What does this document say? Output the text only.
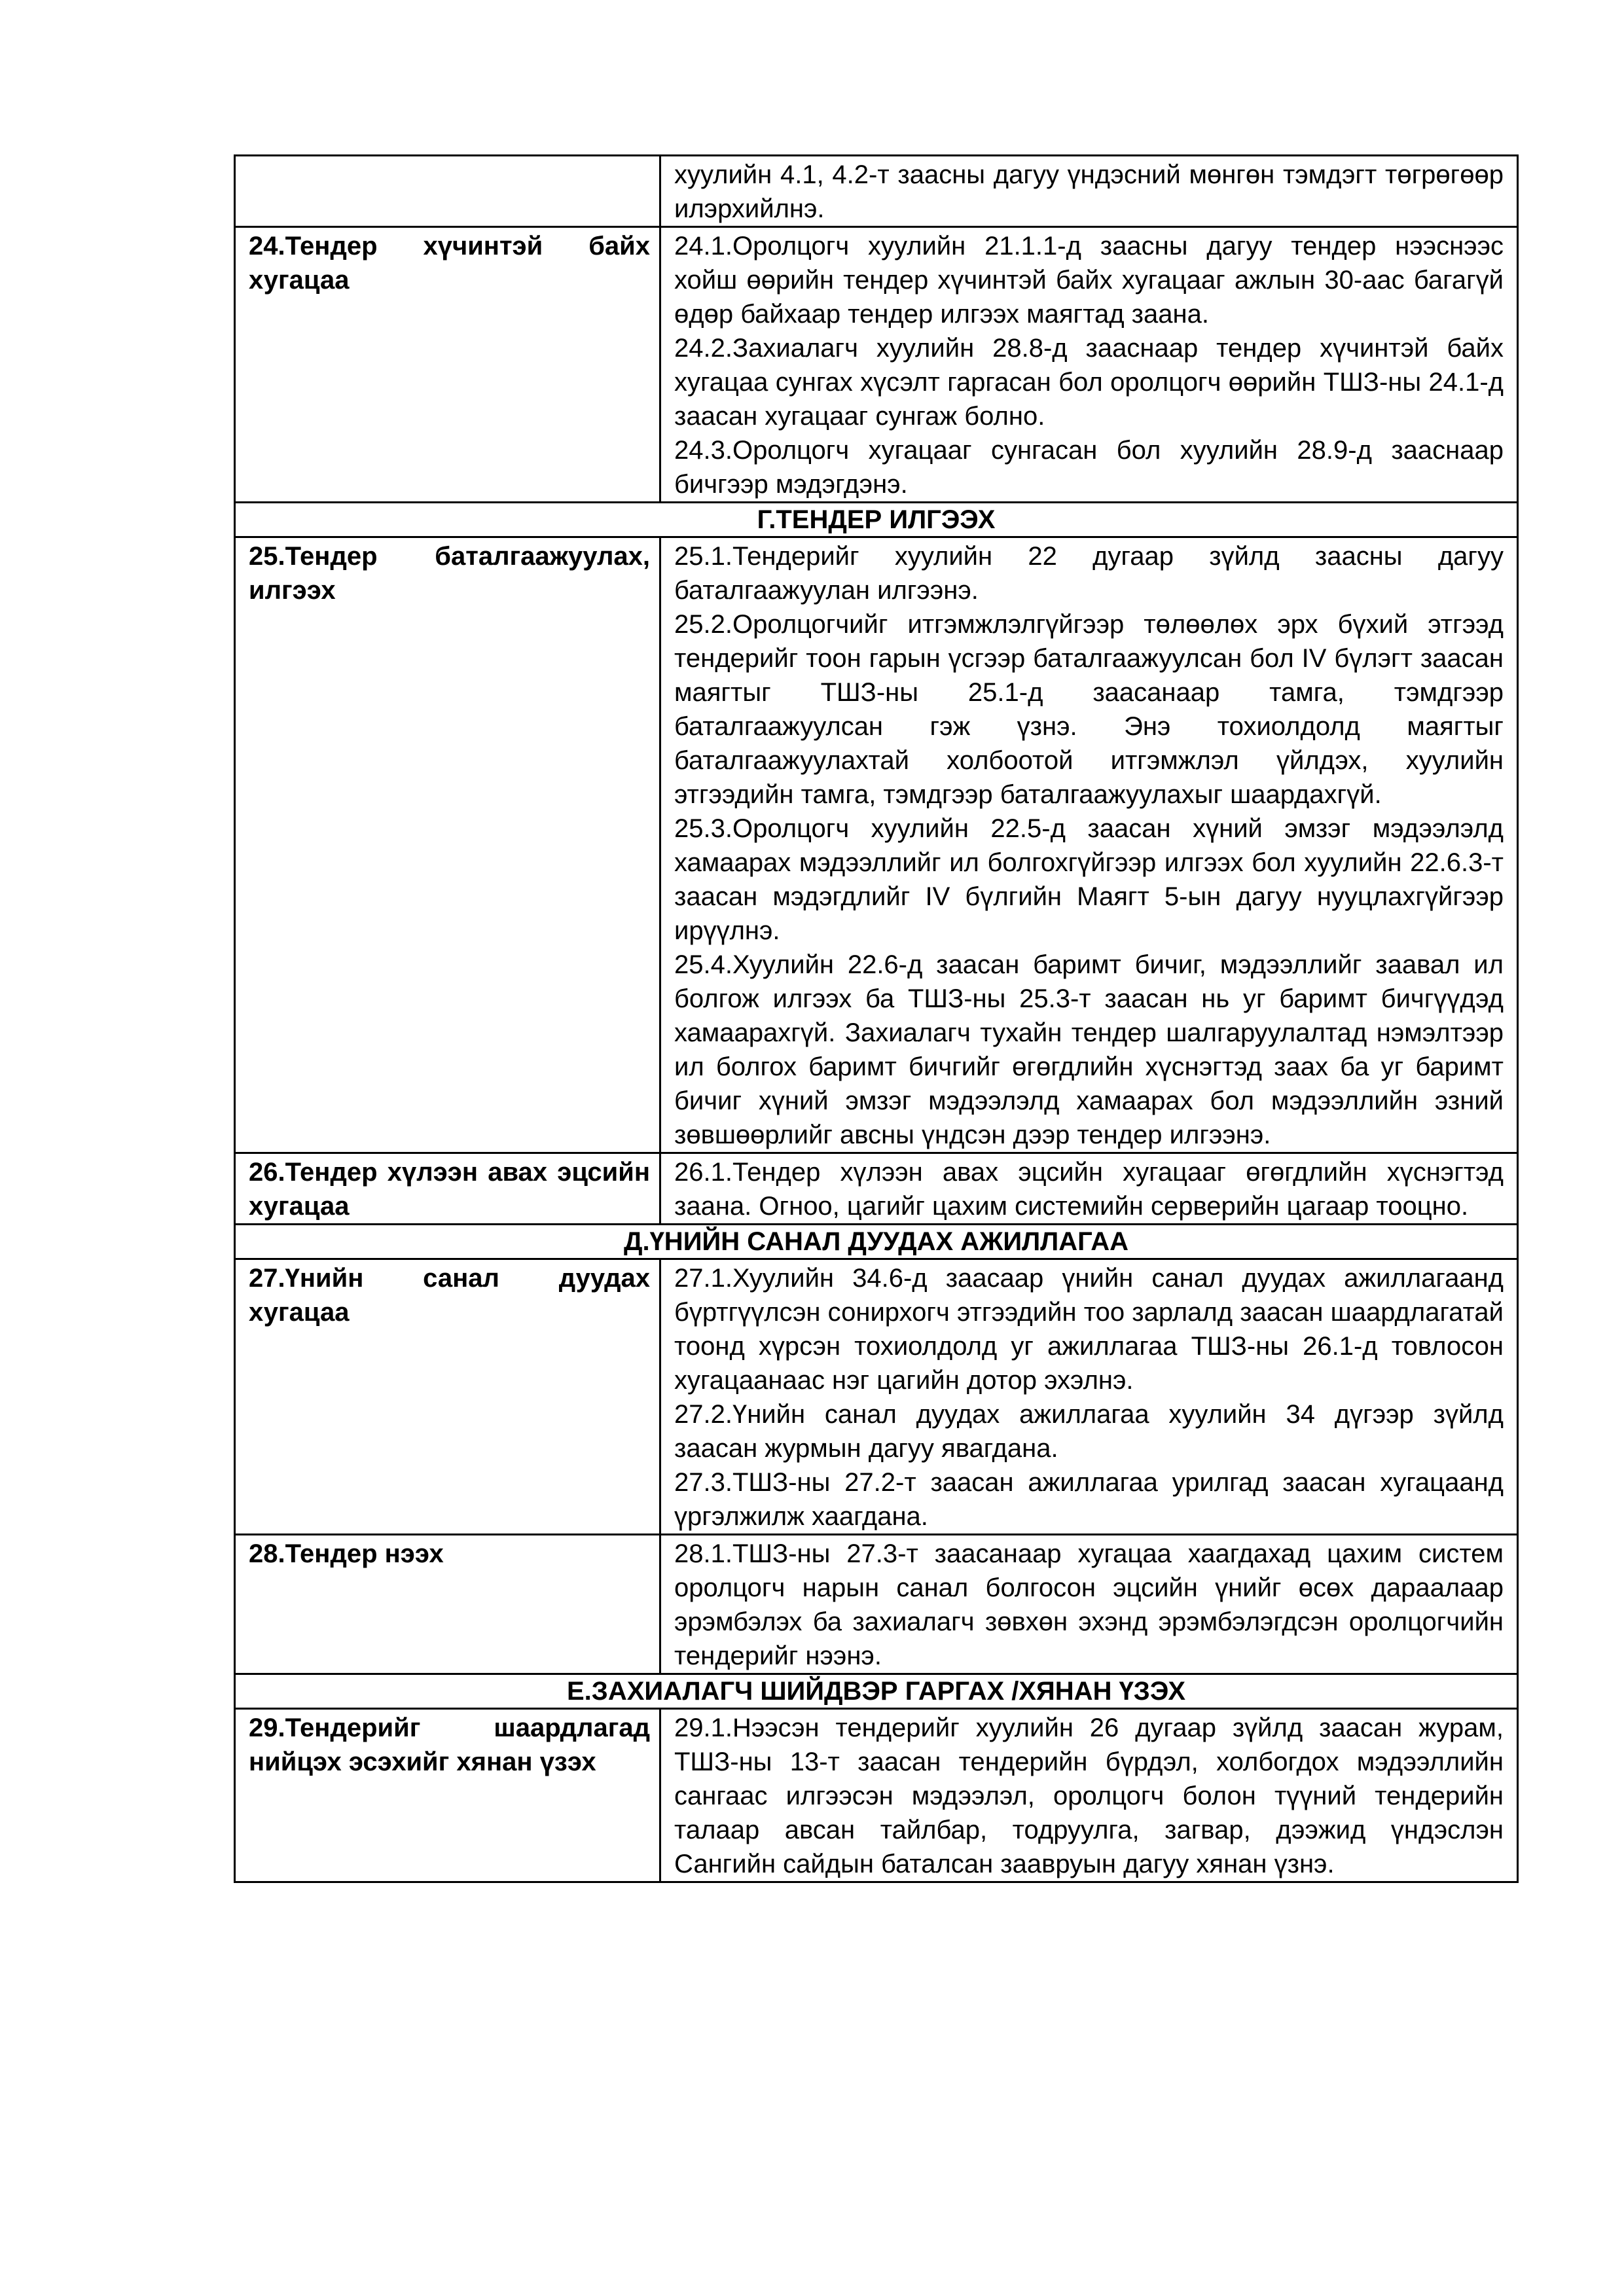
	хуулийн 4.1, 4.2-т заасны дагуу үндэсний мөнгөн тэмдэгт төгрөгөөр илэрхийлнэ.

24.Тендер хүчинтэй байх хугацаа	24.1.Оролцогч хуулийн 21.1.1-д заасны дагуу тендер нээснээс хойш өөрийн тендер хүчинтэй байх хугацааг ажлын 30-аас багагүй өдөр байхаар тендер илгээх маягтад заана.

24.2.Захиалагч хуулийн 28.8-д зааснаар тендер хүчинтэй байх хугацаа сунгах хүсэлт гаргасан бол оролцогч өөрийн ТШЗ-ны 24.1-д заасан хугацааг сунгаж болно.

24.3.Оролцогч хугацааг сунгасан бол хуулийн 28.9-д зааснаар бичгээр мэдэгдэнэ.

Г.ТЕНДЕР ИЛГЭЭХ	

25.Тендер баталгаажуулах, илгээх	25.1.Тендерийг хуулийн 22 дугаар зүйлд заасны дагуу баталгаажуулан илгээнэ.

25.2.Оролцогчийг итгэмжлэлгүйгээр төлөөлөх эрх бүхий этгээд тендерийг тоон гарын үсгээр баталгаажуулсан бол IV бүлэгт заасан маягтыг ТШЗ-ны 25.1-д заасанаар тамга, тэмдгээр баталгаажуулсан гэж үзнэ. Энэ тохиолдолд маягтыг баталгаажуулахтай холбоотой итгэмжлэл үйлдэх, хуулийн этгээдийн тамга, тэмдгээр баталгаажуулахыг шаардахгүй.

25.3.Оролцогч хуулийн 22.5-д заасан хүний эмзэг мэдээлэлд хамаарах мэдээллийг ил болгохгүйгээр илгээх бол хуулийн 22.6.3-т заасан мэдэгдлийг IV бүлгийн Маягт 5-ын дагуу нууцлахгүйгээр ирүүлнэ.

25.4.Хуулийн 22.6-д заасан баримт бичиг, мэдээллийг заавал ил болгож илгээх ба ТШЗ-ны 25.3-т заасан нь уг баримт бичгүүдэд хамаарахгүй. Захиалагч тухайн тендер шалгаруулалтад нэмэлтээр ил болгох баримт бичгийг өгөгдлийн хүснэгтэд заах ба уг баримт бичиг хүний эмзэг мэдээлэлд хамаарах бол мэдээллийн эзний зөвшөөрлийг авсны үндсэн дээр тендер илгээнэ.

26.Тендер хүлээн авах эцсийн хугацаа	26.1.Тендер хүлээн авах эцсийн хугацааг өгөгдлийн хүснэгтэд заана. Огноо, цагийг цахим системийн серверийн цагаар тооцно.

Д.ҮНИЙН САНАЛ ДУУДАХ АЖИЛЛАГАА	

27.Үнийн санал дуудах хугацаа	27.1.Хуулийн 34.6-д заасаар үнийн санал дуудах ажиллагаанд бүртгүүлсэн сонирхогч этгээдийн тоо зарлалд заасан шаардлагатай тоонд хүрсэн тохиолдолд уг ажиллагаа ТШЗ-ны 26.1-д товлосон хугацаанаас нэг цагийн дотор эхэлнэ.

27.2.Үнийн санал дуудах ажиллагаа хуулийн 34 дүгээр зүйлд заасан журмын дагуу явагдана.

27.3.ТШЗ-ны 27.2-т заасан ажиллагаа урилгад заасан хугацаанд үргэлжилж хаагдана.

28.Тендер нээх	28.1.ТШЗ-ны 27.3-т заасанаар хугацаа хаагдахад цахим систем оролцогч нарын санал болгосон эцсийн үнийг өсөх дараалаар эрэмбэлэх ба захиалагч зөвхөн эхэнд эрэмбэлэгдсэн оролцогчийн тендерийг нээнэ.

Е.ЗАХИАЛАГЧ ШИЙДВЭР ГАРГАХ /ХЯНАН ҮЗЭХ	

29.Тендерийг шаардлагад нийцэх эсэхийг хянан үзэх	29.1.Нээсэн тендерийг хуулийн 26 дугаар зүйлд заасан журам, ТШЗ-ны 13-т заасан тендерийн бүрдэл, холбогдох мэдээллийн сангаас илгээсэн мэдээлэл, оролцогч болон түүний тендерийн талаар авсан тайлбар, тодруулга, загвар, дээжид үндэслэн Сангийн сайдын баталсан заавруын дагуу хянан үзнэ.
